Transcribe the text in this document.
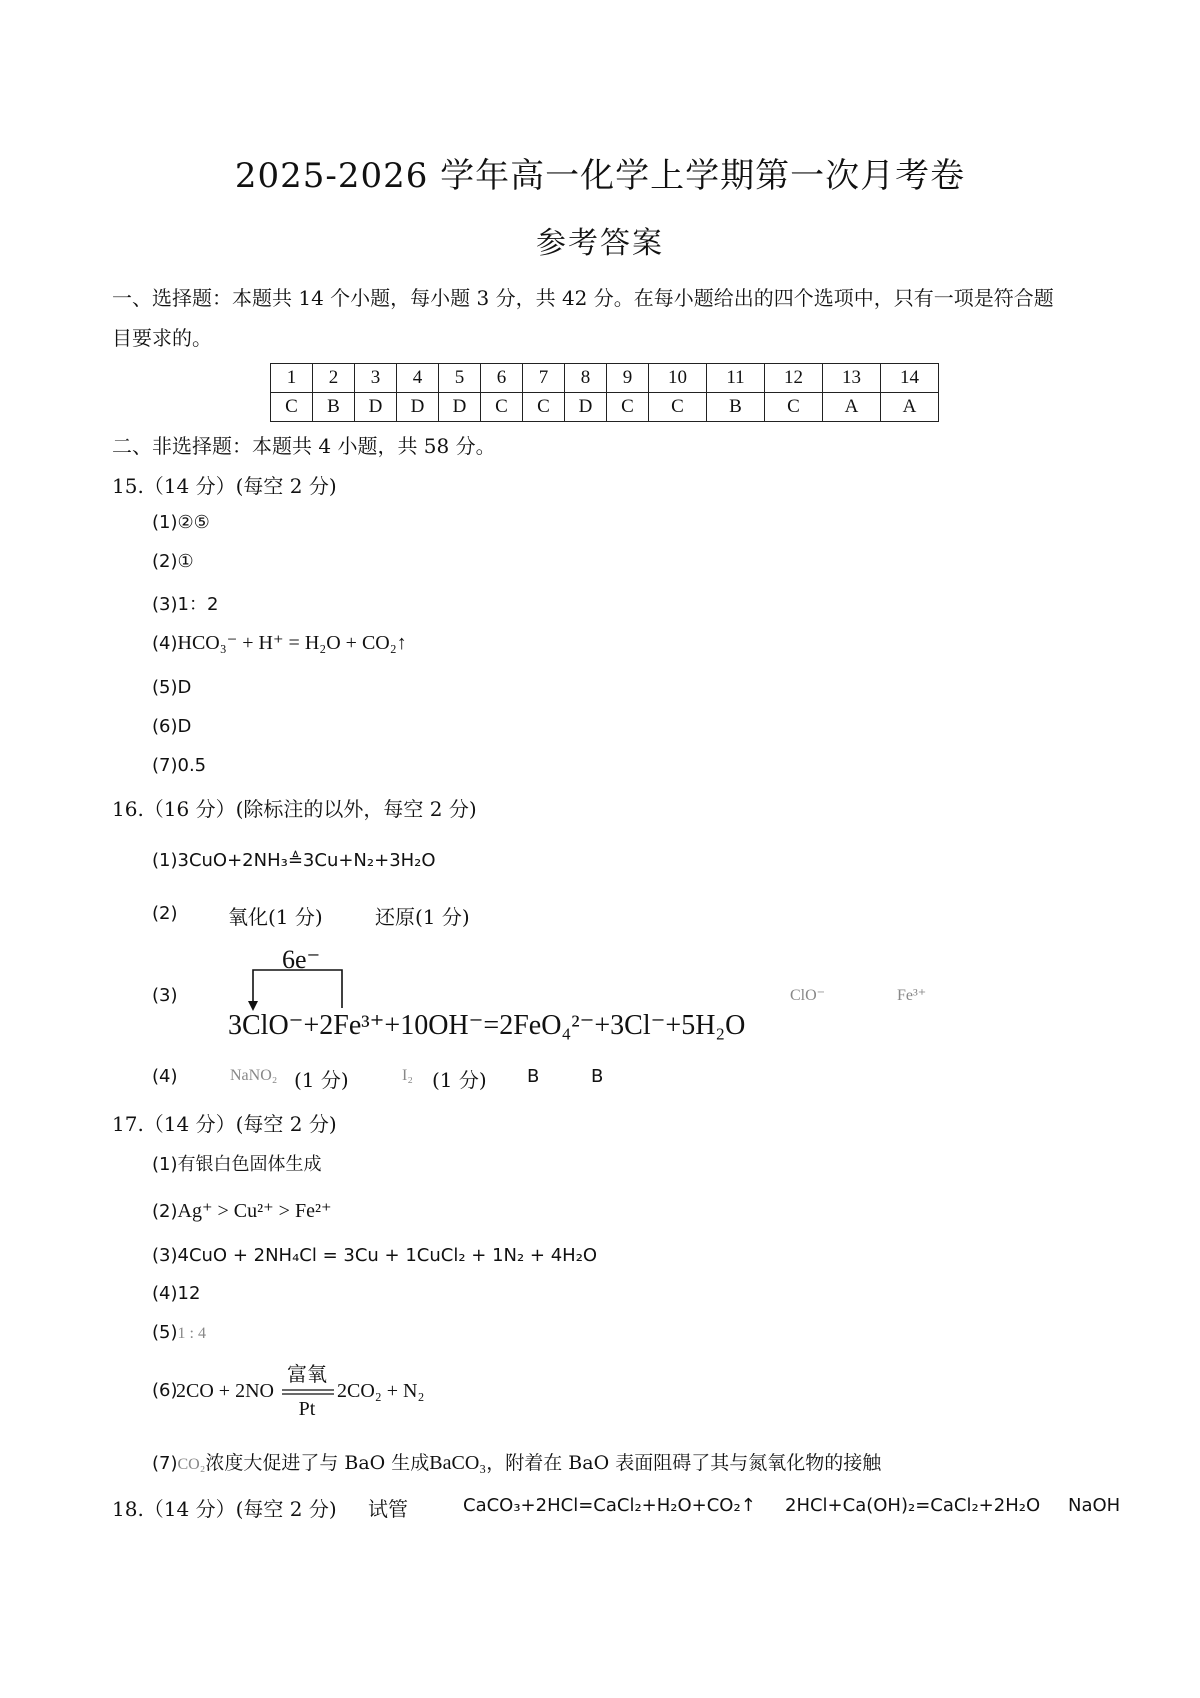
2025-2026 学年高一化学上学期第一次月考卷
参考答案
一、选择题：本题共 14 个小题，每小题 3 分，共 42 分。在每小题给出的四个选项中，只有一项是符合题
目要求的。
1	2	3	4	5	6	7	8	9	10	11	12	13	14
C	B	D	D	D	C	C	D	C	C	B	C	A	A
二、非选择题：本题共 4 小题，共 58 分。
15.（14 分）(每空 2 分)
(1)②⑤
(2)①
(3)1：2
(4)HCO₃⁻ + H⁺ = H₂O + CO₂↑
(5)D
(6)D
(7)0.5
16.（16 分）(除标注的以外，每空 2 分)
(1)3CuO+2NH₃≜3Cu+N₂+3H₂O
(2)	氧化(1 分)	还原(1 分)
(3)
6e⁻
3ClO⁻+2Fe³⁺+10OH⁻=2FeO₄²⁻+3Cl⁻+5H₂O
ClO⁻	Fe³⁺
(4)	NaNO₂ (1 分)	I₂ (1 分) B	B
17.（14 分）(每空 2 分)
(1)有银白色固体生成
(2)Ag⁺ > Cu²⁺ > Fe²⁺
(3)4CuO + 2NH₄Cl = 3Cu + 1CuCl₂ + 1N₂ + 4H₂O
(4)12
(5)1 : 4
(6)
2CO + 2NO
富氧
Pt
2CO₂ + N₂
(7)CO₂浓度大促进了与 BaO 生成BaCO₃，附着在 BaO 表面阻碍了其与氮氧化物的接触
18.（14 分）(每空 2 分) 试管	CaCO₃+2HCl=CaCl₂+H₂O+CO₂↑ 2HCl+Ca(OH)₂=CaCl₂+2H₂O NaOH
